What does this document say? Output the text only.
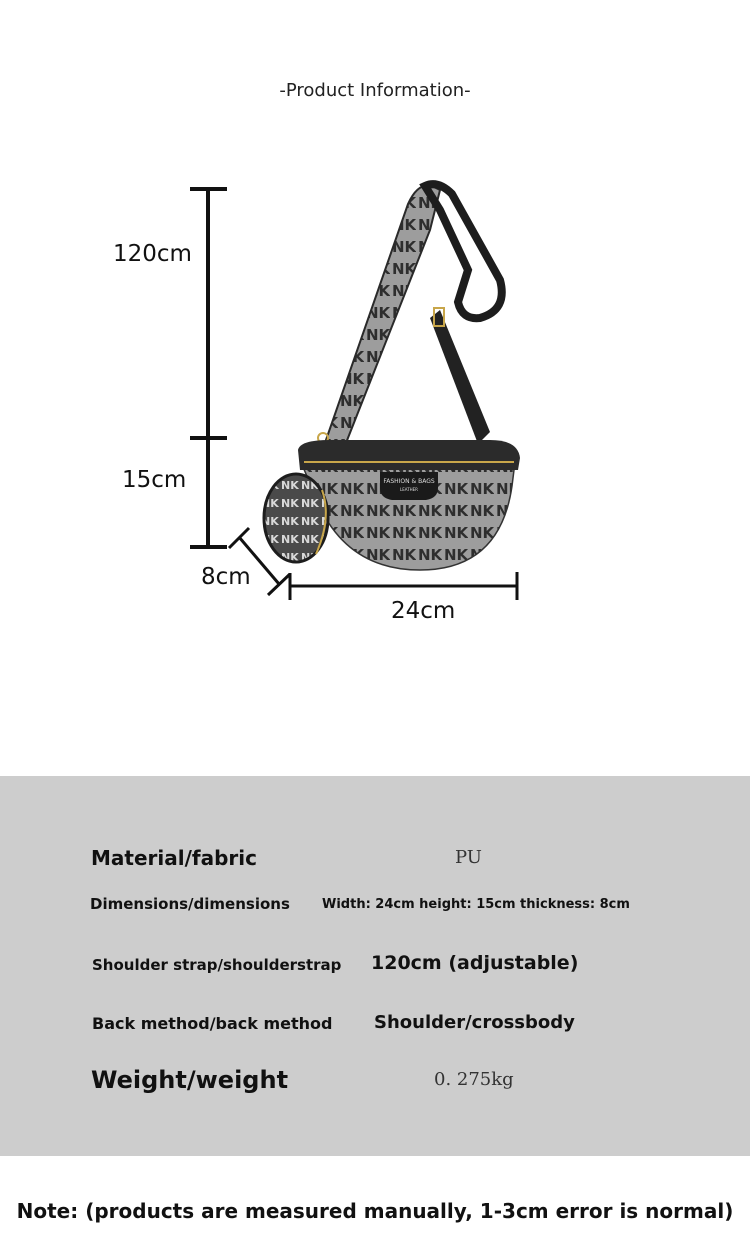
-Product Information-
FASHION & BAGS
LEATHER
120cm
15cm
8cm
24cm
Material/fabric	PU
Dimensions/dimensions Width: 24cm height: 15cm thickness: 8cm
Shoulder strap/shoulderstrap 120cm (adjustable)
Back method/back method Shoulder/crossbody
Weight/weight	0. 275kg
Note: (products are measured manually, 1-3cm error is normal)
